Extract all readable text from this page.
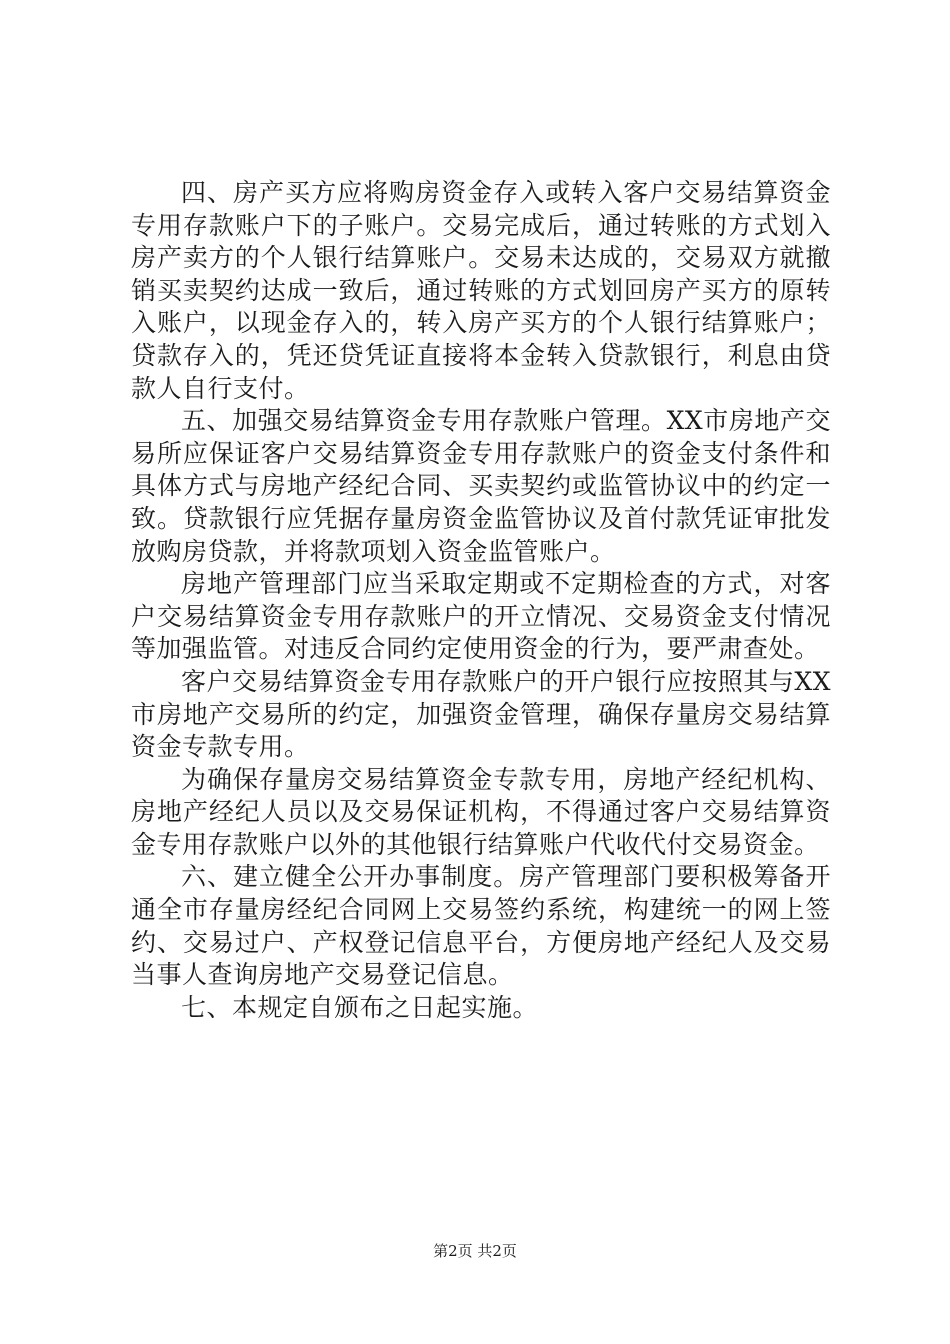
四、房产买方应将购房资金存入或转入客户交易结算资金专用存款账户下的子账户。交易完成后，通过转账的方式划入房产卖方的个人银行结算账户。交易未达成的，交易双方就撤销买卖契约达成一致后，通过转账的方式划回房产买方的原转入账户，以现金存入的，转入房产买方的个人银行结算账户；贷款存入的，凭还贷凭证直接将本金转入贷款银行，利息由贷款人自行支付。

五、加强交易结算资金专用存款账户管理。XX市房地产交易所应保证客户交易结算资金专用存款账户的资金支付条件和具体方式与房地产经纪合同、买卖契约或监管协议中的约定一致。贷款银行应凭据存量房资金监管协议及首付款凭证审批发放购房贷款，并将款项划入资金监管账户。

房地产管理部门应当采取定期或不定期检查的方式，对客户交易结算资金专用存款账户的开立情况、交易资金支付情况等加强监管。对违反合同约定使用资金的行为，要严肃查处。

客户交易结算资金专用存款账户的开户银行应按照其与XX市房地产交易所的约定，加强资金管理，确保存量房交易结算资金专款专用。

为确保存量房交易结算资金专款专用，房地产经纪机构、房地产经纪人员以及交易保证机构，不得通过客户交易结算资金专用存款账户以外的其他银行结算账户代收代付交易资金。

六、建立健全公开办事制度。房产管理部门要积极筹备开通全市存量房经纪合同网上交易签约系统，构建统一的网上签约、交易过户、产权登记信息平台，方便房地产经纪人及交易当事人查询房地产交易登记信息。

七、本规定自颁布之日起实施。

第2页 共2页
